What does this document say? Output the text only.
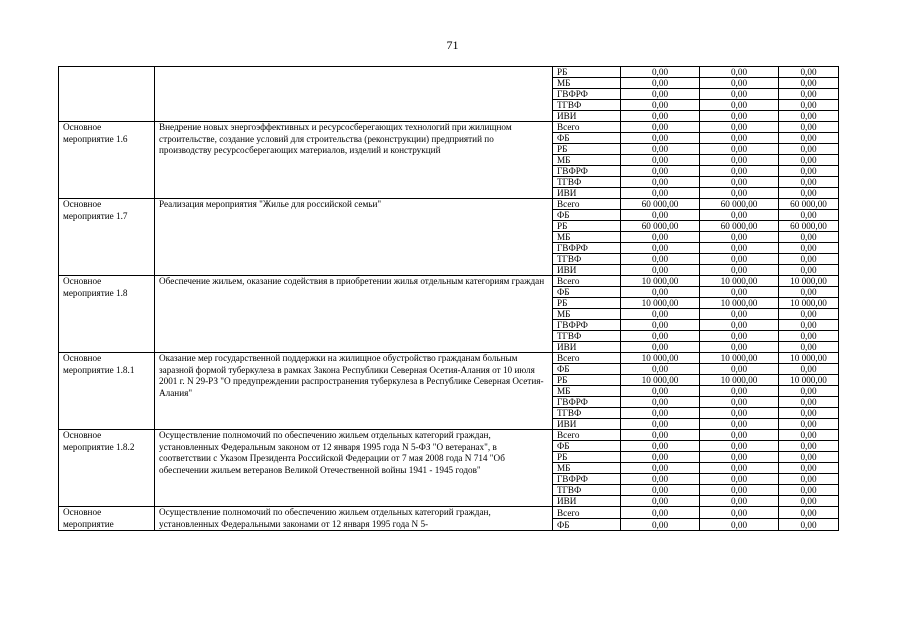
71
		РБ	0,00	0,00	0,00
		МБ	0,00	0,00	0,00
		ГВФРФ	0,00	0,00	0,00
		ТГВФ	0,00	0,00	0,00
		ИВИ	0,00	0,00	0,00
Основное мероприятие 1.6	Внедрение новых энергоэффективных и ресурсосберегающих технологий при жилищном строительстве, создание условий для строительства (реконструкции) предприятий по производству ресурсосберегающих материалов, изделий и конструкций	Всего	0,00	0,00	0,00
		ФБ	0,00	0,00	0,00
		РБ	0,00	0,00	0,00
		МБ	0,00	0,00	0,00
		ГВФРФ	0,00	0,00	0,00
		ТГВФ	0,00	0,00	0,00
		ИВИ	0,00	0,00	0,00
Основное мероприятие 1.7	Реализация мероприятия "Жилье для российской семьи"	Всего	60 000,00	60 000,00	60 000,00
		ФБ	0,00	0,00	0,00
		РБ	60 000,00	60 000,00	60 000,00
		МБ	0,00	0,00	0,00
		ГВФРФ	0,00	0,00	0,00
		ТГВФ	0,00	0,00	0,00
		ИВИ	0,00	0,00	0,00
Основное мероприятие 1.8	Обеспечение жильем, оказание содействия в приобретении жилья отдельным категориям граждан	Всего	10 000,00	10 000,00	10 000,00
		ФБ	0,00	0,00	0,00
		РБ	10 000,00	10 000,00	10 000,00
		МБ	0,00	0,00	0,00
		ГВФРФ	0,00	0,00	0,00
		ТГВФ	0,00	0,00	0,00
		ИВИ	0,00	0,00	0,00
Основное мероприятие 1.8.1	Оказание мер государственной поддержки на жилищное обустройство гражданам больным заразной формой туберкулеза в рамках Закона Республики Северная Осетия-Алания от 10 июля 2001 г. N 29-РЗ "О предупреждении распространения туберкулеза в Республике Северная Осетия-Алания"	Всего	10 000,00	10 000,00	10 000,00
		ФБ	0,00	0,00	0,00
		РБ	10 000,00	10 000,00	10 000,00
		МБ	0,00	0,00	0,00
		ГВФРФ	0,00	0,00	0,00
		ТГВФ	0,00	0,00	0,00
		ИВИ	0,00	0,00	0,00
Основное мероприятие 1.8.2	Осуществление полномочий по обеспечению жильем отдельных категорий граждан, установленных Федеральным законом от 12 января 1995 года N 5-ФЗ "О ветеранах", в соответствии с Указом Президента Российской Федерации от 7 мая 2008 года N 714 "Об обеспечении жильем ветеранов Великой Отечественной войны 1941 - 1945 годов"	Всего	0,00	0,00	0,00
		ФБ	0,00	0,00	0,00
		РБ	0,00	0,00	0,00
		МБ	0,00	0,00	0,00
		ГВФРФ	0,00	0,00	0,00
		ТГВФ	0,00	0,00	0,00
		ИВИ	0,00	0,00	0,00
Основное мероприятие	Осуществление полномочий по обеспечению жильем отдельных категорий граждан, установленных Федеральными законами от 12 января 1995 года N 5-	Всего	0,00	0,00	0,00
		ФБ	0,00	0,00	0,00
